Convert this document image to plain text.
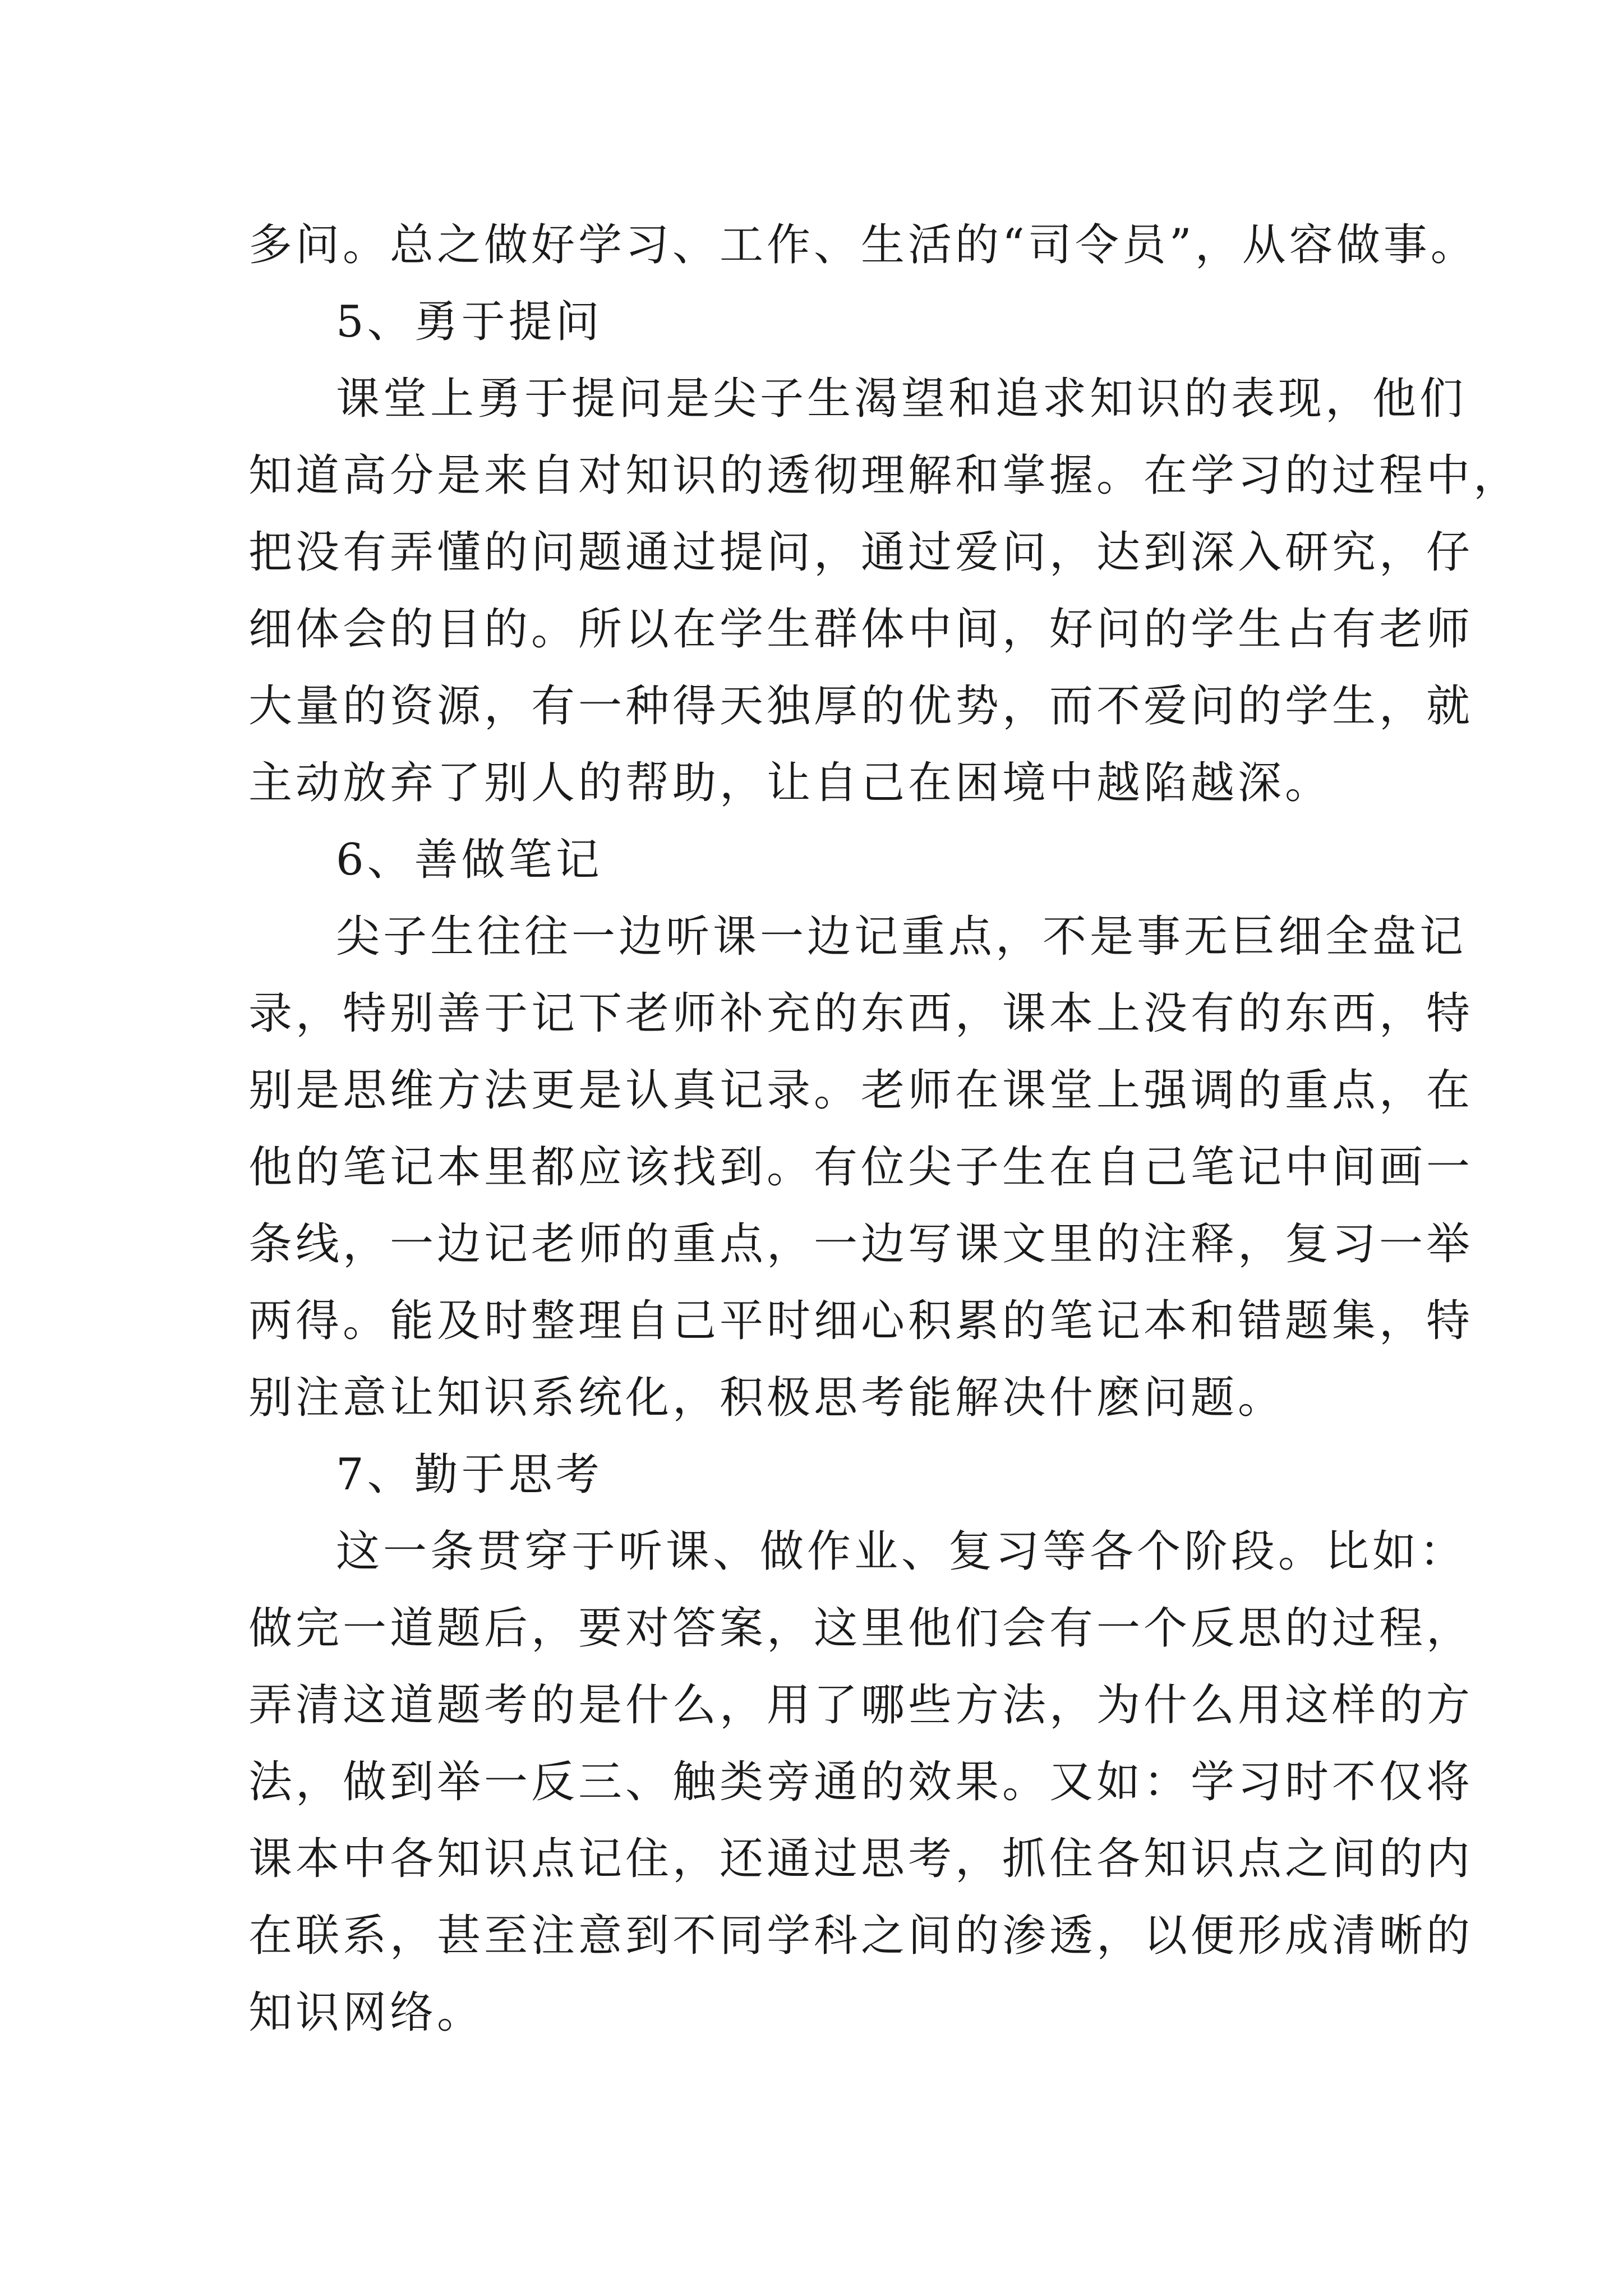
多问。总之做好学习、工作、生活的“司令员”，从容做事。
5、勇于提问
课堂上勇于提问是尖子生渴望和追求知识的表现，他们
知道高分是来自对知识的透彻理解和掌握。在学习的过程中，
把没有弄懂的问题通过提问，通过爱问，达到深入研究，仔
细体会的目的。所以在学生群体中间，好问的学生占有老师
大量的资源，有一种得天独厚的优势，而不爱问的学生，就
主动放弃了别人的帮助，让自己在困境中越陷越深。
6、善做笔记
尖子生往往一边听课一边记重点，不是事无巨细全盘记
录，特别善于记下老师补充的东西，课本上没有的东西，特
别是思维方法更是认真记录。老师在课堂上强调的重点，在
他的笔记本里都应该找到。有位尖子生在自己笔记中间画一
条线，一边记老师的重点，一边写课文里的注释，复习一举
两得。能及时整理自己平时细心积累的笔记本和错题集，特
别注意让知识系统化，积极思考能解决什麽问题。
7、勤于思考
这一条贯穿于听课、做作业、复习等各个阶段。比如：
做完一道题后，要对答案，这里他们会有一个反思的过程，
弄清这道题考的是什么，用了哪些方法，为什么用这样的方
法，做到举一反三、触类旁通的效果。又如：学习时不仅将
课本中各知识点记住，还通过思考，抓住各知识点之间的内
在联系，甚至注意到不同学科之间的渗透，以便形成清晰的
知识网络。
